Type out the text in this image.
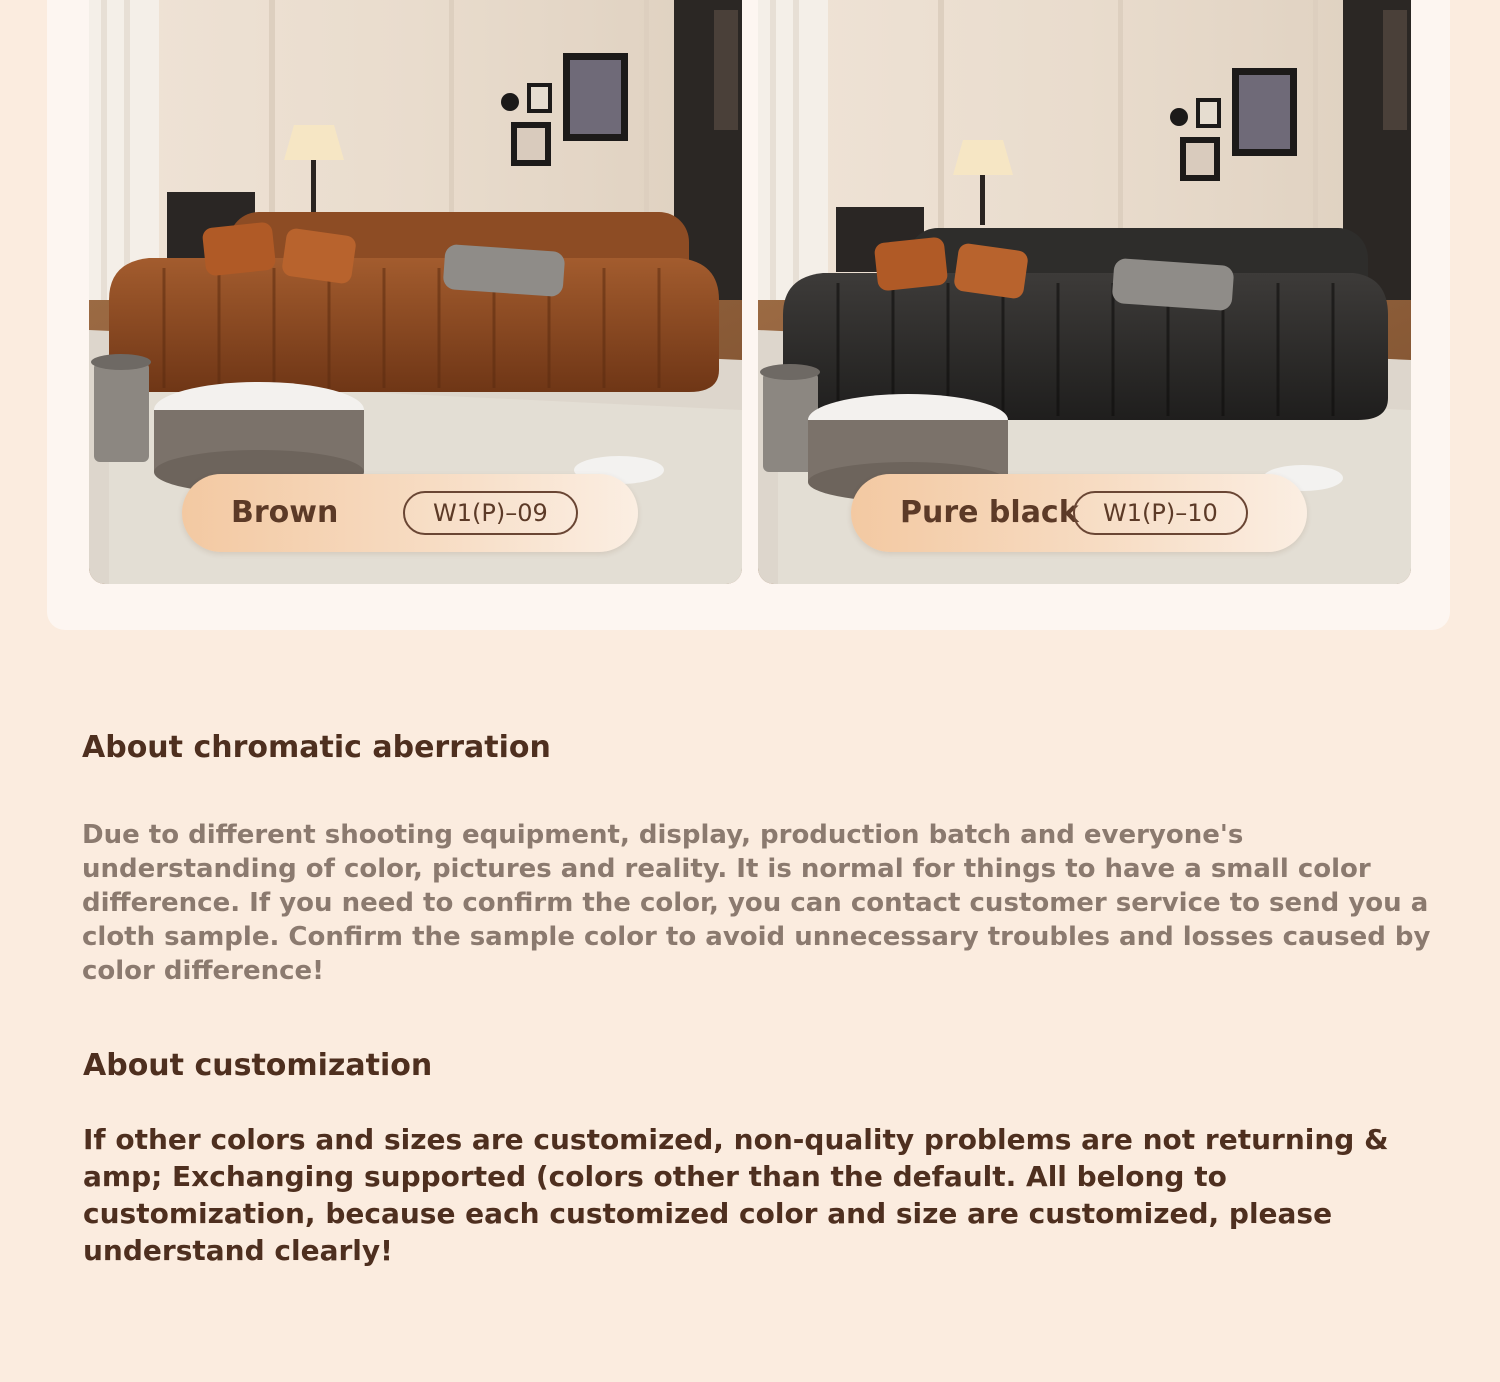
Brown	W1(P)–09	Pure black	W1(P)–10
About chromatic aberration
Due to different shooting equipment, display, production batch and everyone's understanding of color, pictures and reality. It is normal for things to have a small color difference. If you need to confirm the color, you can contact customer service to send you a cloth sample. Confirm the sample color to avoid unnecessary troubles and losses caused by color difference!
About customization
If other colors and sizes are customized, non-quality problems are not returning & amp; Exchanging supported (colors other than the default. All belong to customization, because each customized color and size are customized, please understand clearly!
